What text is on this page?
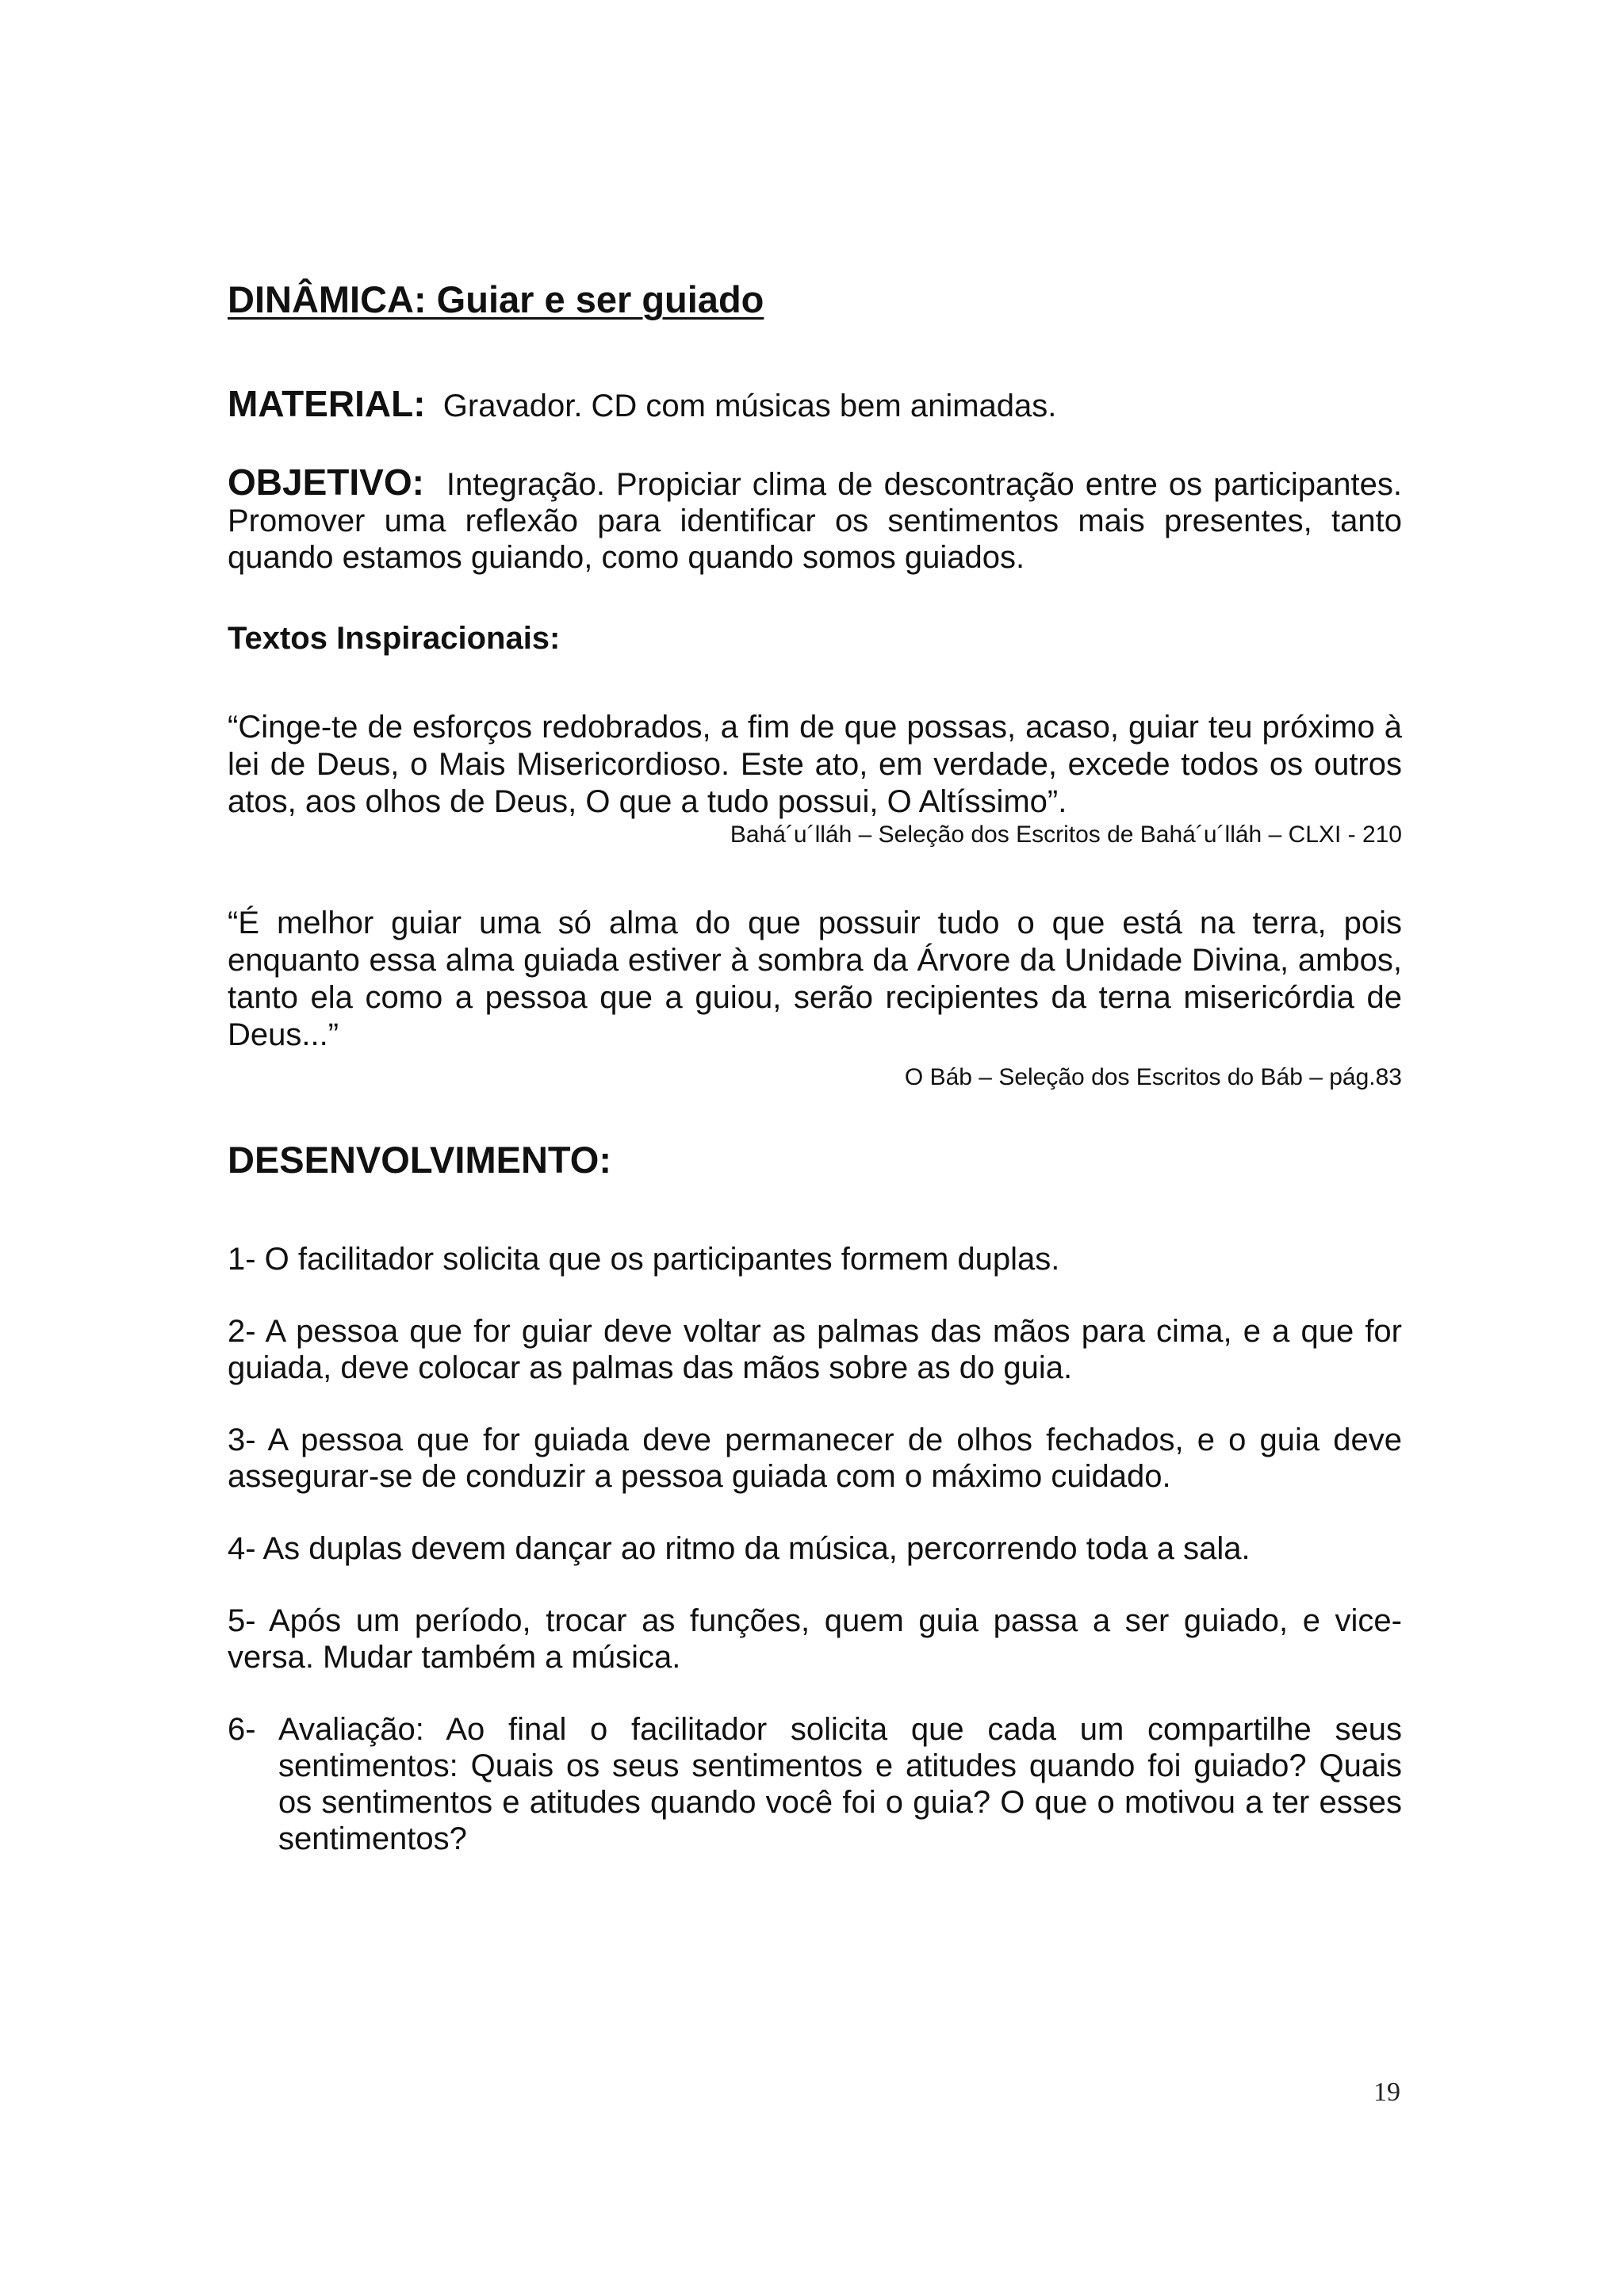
DINÂMICA: Guiar e ser guiado

MATERIAL: Gravador. CD com músicas bem animadas.

OBJETIVO: Integração. Propiciar clima de descontração entre os participantes. Promover uma reflexão para identificar os sentimentos mais presentes, tanto quando estamos guiando, como quando somos guiados.

Textos Inspiracionais:

“Cinge-te de esforços redobrados, a fim de que possas, acaso, guiar teu próximo à lei de Deus, o Mais Misericordioso. Este ato, em verdade, excede todos os outros atos, aos olhos de Deus, O que a tudo possui, O Altíssimo”.

Bahá´u´lláh – Seleção dos Escritos de Bahá´u´lláh – CLXI - 210

“É melhor guiar uma só alma do que possuir tudo o que está na terra, pois enquanto essa alma guiada estiver à sombra da Árvore da Unidade Divina, ambos, tanto ela como a pessoa que a guiou, serão recipientes da terna misericórdia de Deus...”

O Báb – Seleção dos Escritos do Báb – pág.83

DESENVOLVIMENTO:

1- O facilitador solicita que os participantes formem duplas.

2- A pessoa que for guiar deve voltar as palmas das mãos para cima, e a que for guiada, deve colocar as palmas das mãos sobre as do guia.

3- A pessoa que for guiada deve permanecer de olhos fechados, e o guia deve assegurar-se de conduzir a pessoa guiada com o máximo cuidado.

4- As duplas devem dançar ao ritmo da música, percorrendo toda a sala.

5- Após um período, trocar as funções, quem guia passa a ser guiado, e vice-versa. Mudar também a música.

6- Avaliação: Ao final o facilitador solicita que cada um compartilhe seus sentimentos: Quais os seus sentimentos e atitudes quando foi guiado? Quais os sentimentos e atitudes quando você foi o guia? O que o motivou a ter esses sentimentos?
19
